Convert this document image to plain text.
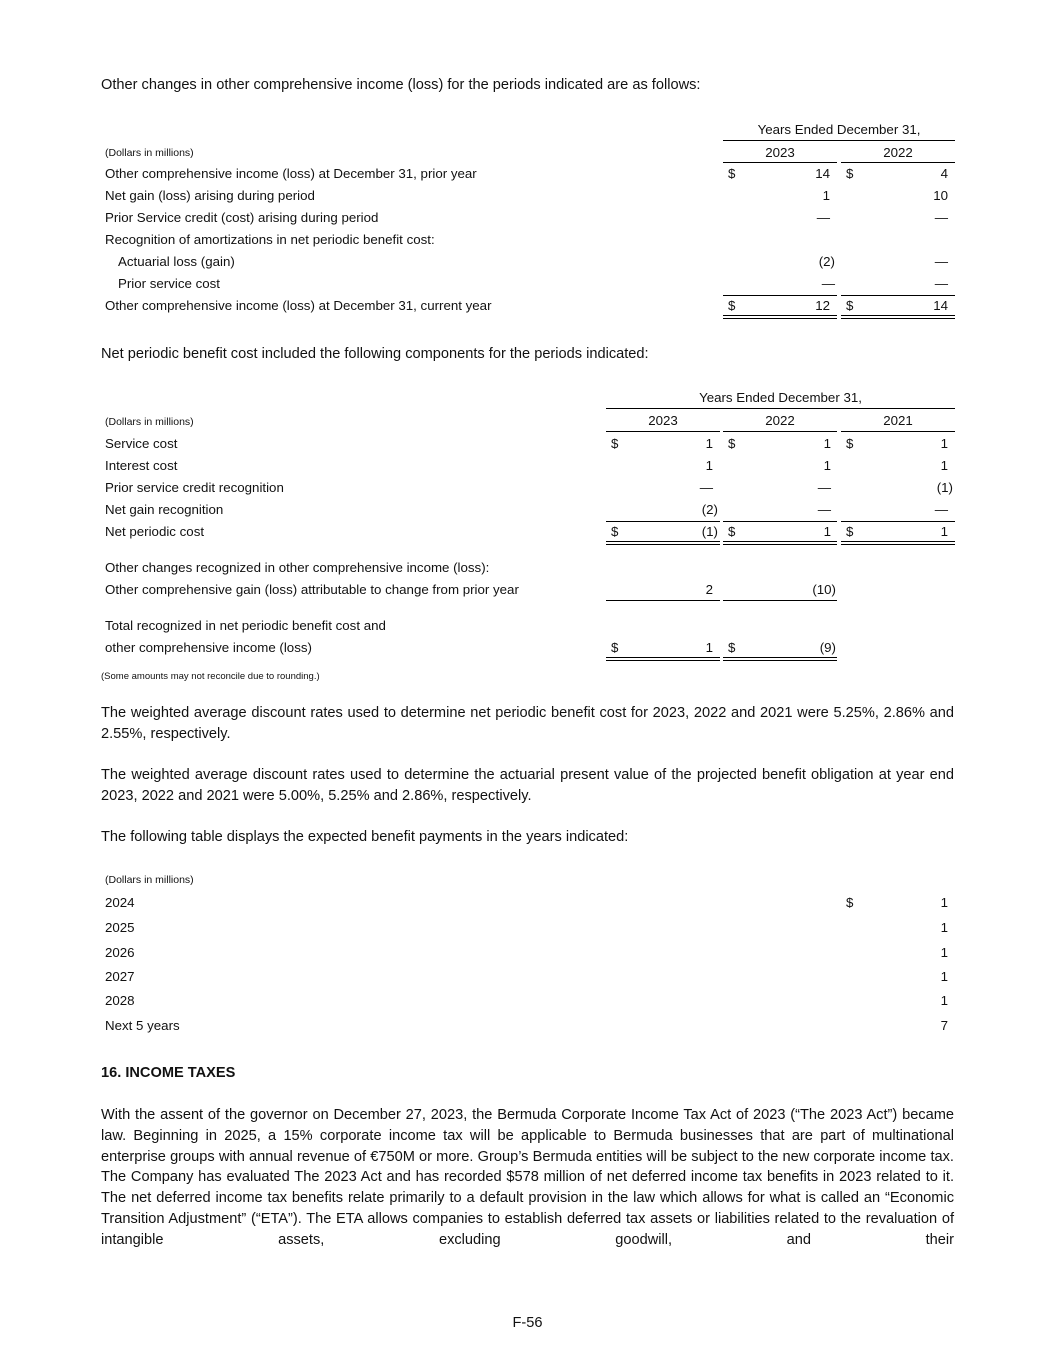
Other changes in other comprehensive income (loss) for the periods indicated are as follows:
Years Ended December 31,
(Dollars in millions)	2023	2022
Other comprehensive income (loss) at December 31, prior year	$	14 $	4
Net gain (loss) arising during period	1	10
Prior Service credit (cost) arising during period	—	—
Recognition of amortizations in net periodic benefit cost:
Actuarial loss (gain)	(2)	—
Prior service cost	—	—
Other comprehensive income (loss) at December 31, current year	$	12 $	14
Net periodic benefit cost included the following components for the periods indicated:
Years Ended December 31,
(Dollars in millions)	2023	2022	2021
Service cost	$	1 $	1 $	1
Interest cost	1	1	1
Prior service credit recognition	—	—	(1)
Net gain recognition	(2)	—	—
Net periodic cost	$	(1) $	1 $	1
Other changes recognized in other comprehensive income (loss):
Other comprehensive gain (loss) attributable to change from prior year	2	(10)
Total recognized in net periodic benefit cost and
other comprehensive income (loss)	$	1 $	(9)
(Some amounts may not reconcile due to rounding.)
The weighted average discount rates used to determine net periodic benefit cost for 2023, 2022 and 2021 were 5.25%, 2.86% and 2.55%, respectively.
The weighted average discount rates used to determine the actuarial present value of the projected benefit obligation at year end 2023, 2022 and 2021 were 5.00%, 5.25% and 2.86%, respectively.
The following table displays the expected benefit payments in the years indicated:
(Dollars in millions)
2024	$	1
2025	1
2026	1
2027	1
2028	1
Next 5 years	7
16. INCOME TAXES
With the assent of the governor on December 27, 2023, the Bermuda Corporate Income Tax Act of 2023 (“The 2023 Act”) became law. Beginning in 2025, a 15% corporate income tax will be applicable to Bermuda businesses that are part of multinational enterprise groups with annual revenue of €750M or more. Group’s Bermuda entities will be subject to the new corporate income tax. The Company has evaluated The 2023 Act and has recorded $578 million of net deferred income tax benefits in 2023 related to it. The net deferred income tax benefits relate primarily to a default provision in the law which allows for what is called an “Economic Transition Adjustment” (“ETA”). The ETA allows companies to establish deferred tax assets or liabilities related to the revaluation of intangible assets, excluding goodwill, and their
F-56
